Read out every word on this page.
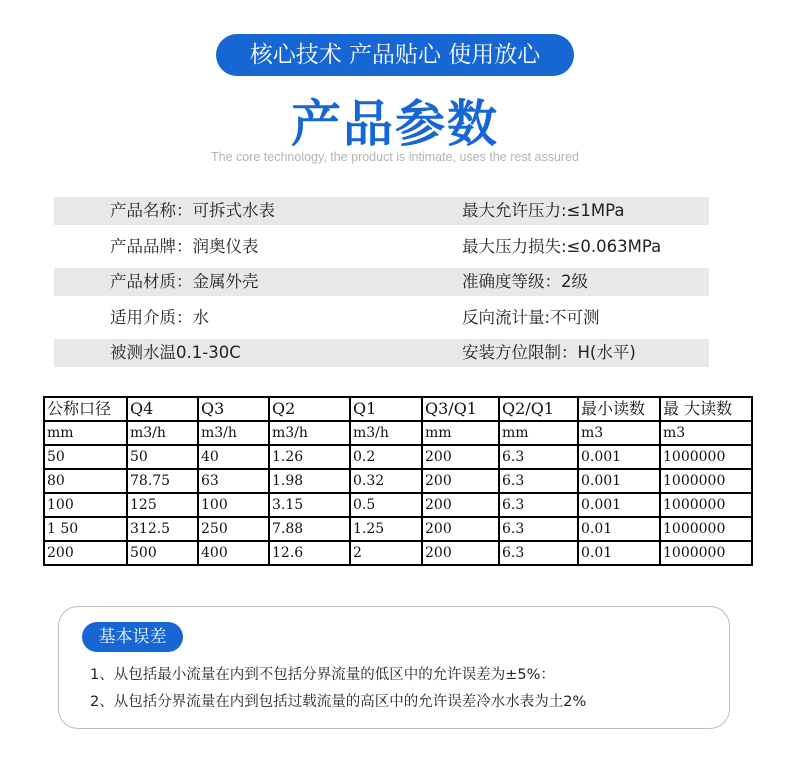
核心技术 产品贴心 使用放心
产品参数
The core technology, the product is intimate, uses the rest assured
产品名称：可拆式水表	最大允许压力:≤1MPa
产品品牌：润奥仪表	最大压力损失:≤0.063MPa
产品材质：金属外壳	准确度等级：2级
适用介质：水	反向流计量:不可测
被测水温0.1-30C	安装方位限制：H(水平)
公称口径	Q4	Q3	Q2	Q1	Q3/Q1	Q2/Q1	最小读数	最 大读数
mm	m3/h	m3/h	m3/h	m3/h	mm	mm	m3	m3
50	50	40	1.26	0.2	200	6.3	0.001	1000000
80	78.75	63	1.98	0.32	200	6.3	0.001	1000000
100	125	100	3.15	0.5	200	6.3	0.001	1000000
1 50	312.5	250	7.88	1.25	200	6.3	0.01	1000000
200	500	400	12.6	2	200	6.3	0.01	1000000
基本误差
1、从包括最小流量在内到不包括分界流量的低区中的允许误差为±5%：
2、从包括分界流量在内到包括过载流量的高区中的允许误差冷水水表为土2%
